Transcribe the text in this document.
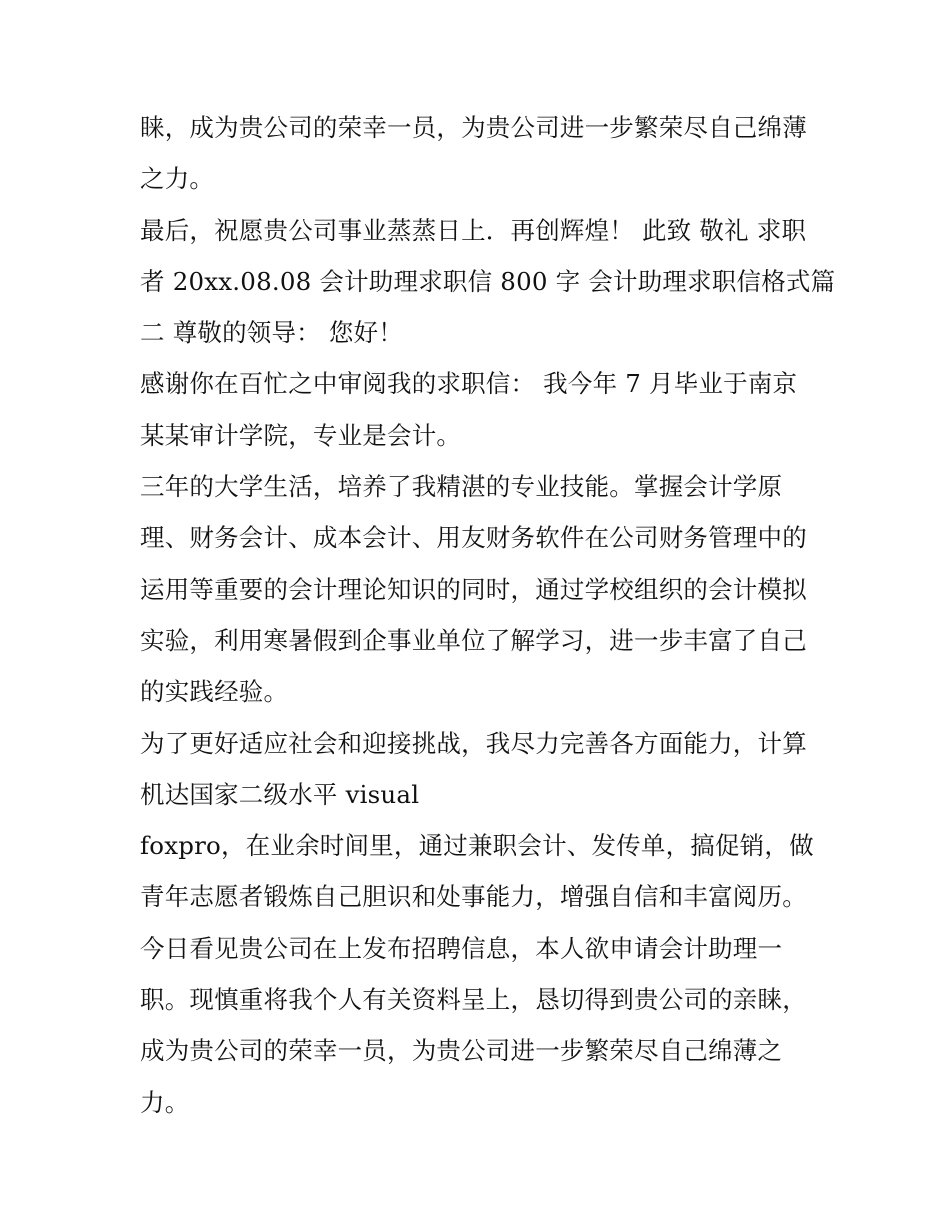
睐，成为贵公司的荣幸一员，为贵公司进一步繁荣尽自己绵薄
之力。
最后，祝愿贵公司事业蒸蒸日上．再创辉煌！ 此致 敬礼 求职
者 20xx.08.08 会计助理求职信 800 字 会计助理求职信格式篇
二 尊敬的领导： 您好！
感谢你在百忙之中审阅我的求职信： 我今年 7 月毕业于南京
某某审计学院，专业是会计。
三年的大学生活，培养了我精湛的专业技能。掌握会计学原
理、财务会计、成本会计、用友财务软件在公司财务管理中的
运用等重要的会计理论知识的同时，通过学校组织的会计模拟
实验，利用寒暑假到企事业单位了解学习，进一步丰富了自己
的实践经验。
为了更好适应社会和迎接挑战，我尽力完善各方面能力，计算
机达国家二级水平 visual
foxpro，在业余时间里，通过兼职会计、发传单，搞促销，做
青年志愿者锻炼自己胆识和处事能力，增强自信和丰富阅历。
今日看见贵公司在上发布招聘信息，本人欲申请会计助理一
职。现慎重将我个人有关资料呈上，恳切得到贵公司的亲睐，
成为贵公司的荣幸一员，为贵公司进一步繁荣尽自己绵薄之
力。
